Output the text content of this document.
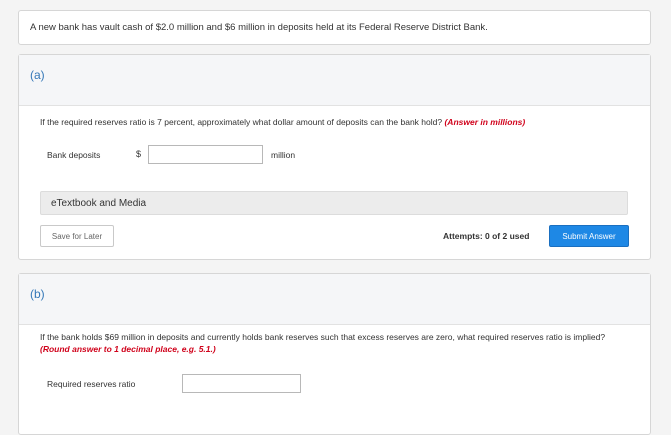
A new bank has vault cash of $2.0 million and $6 million in deposits held at its Federal Reserve District Bank.

(a)
If the required reserves ratio is 7 percent, approximately what dollar amount of deposits can the bank hold? (Answer in millions)
Bank deposits	$	million
eTextbook and Media
Save for Later	Attempts: 0 of 2 used	Submit Answer
(b)
If the bank holds $69 million in deposits and currently holds bank reserves such that excess reserves are zero, what required reserves ratio is implied? (Round answer to 1 decimal place, e.g. 5.1.)
Required reserves ratio
